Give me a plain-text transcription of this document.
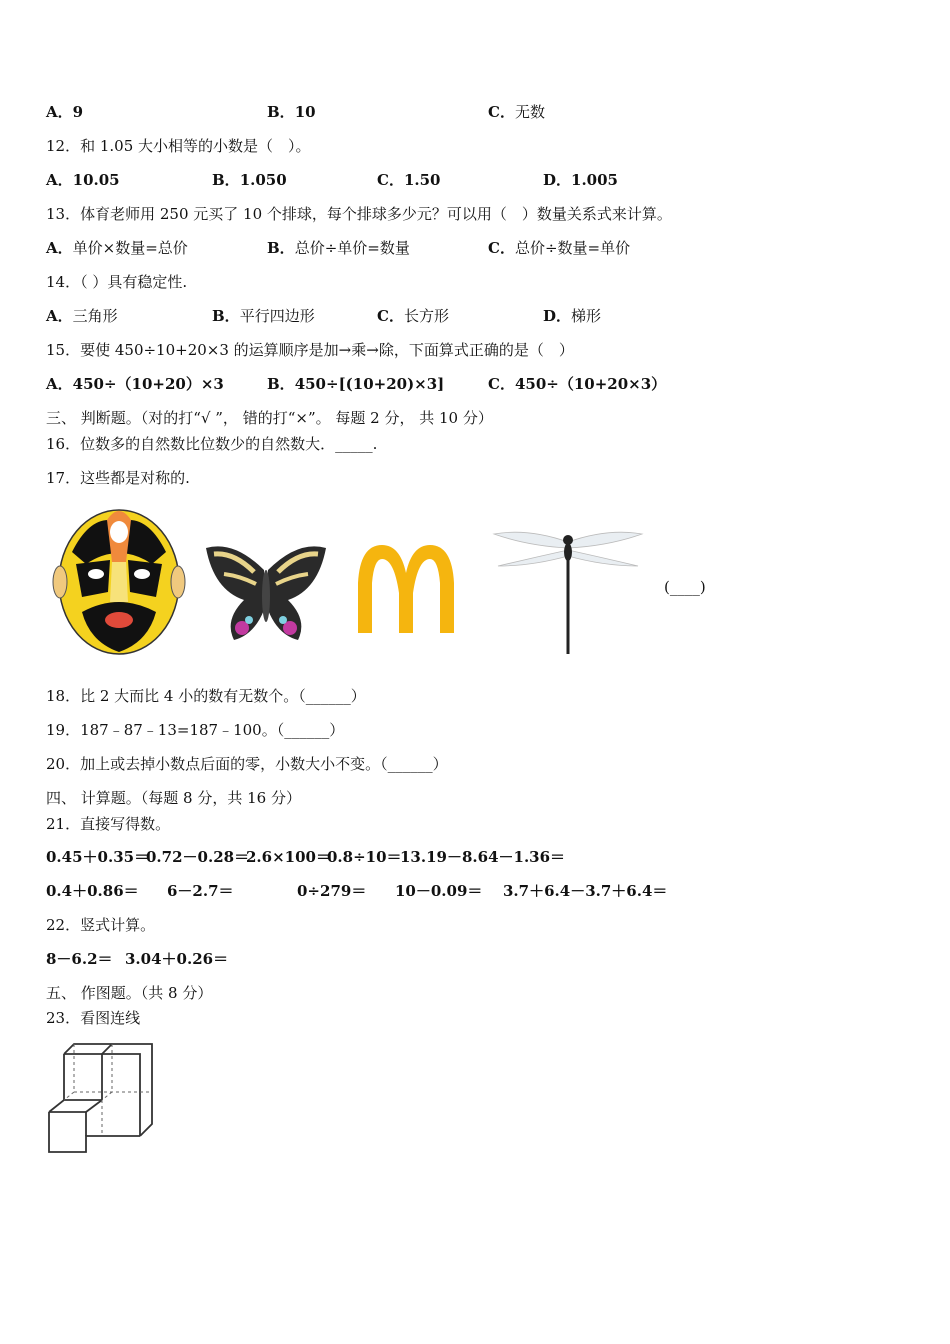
A．9	B．10	C．无数
12．和 1.05 大小相等的小数是（　）。
A．10.05	B．1.050	C．1.50	D．1.005
13．体育老师用 250 元买了 10 个排球，每个排球多少元？可以用（　）数量关系式来计算。
A．单价×数量=总价	B．总价÷单价=数量	C．总价÷数量=单价
14．（ ）具有稳定性.
A．三角形	B．平行四边形	C．长方形	D．梯形
15．要使 450÷10+20×3 的运算顺序是加→乘→除，下面算式正确的是（　）
A．450÷（10+20）×3	B．450÷[(10+20)×3]	C．450÷（10+20×3）
三、 判断题。（对的打“√ ”， 错的打“×”。 每题 2 分， 共 10 分）
16．位数多的自然数比位数少的自然数大．_____.
17．这些都是对称的.
(____)
18．比 2 大而比 4 小的数有无数个。（______）
19．187﹣87﹣13=187﹣100。（______）
20．加上或去掉小数点后面的零，小数大小不变。（______）
四、 计算题。（每题 8 分，共 16 分）
21．直接写得数。
0.45＋0.35＝
0.72－0.28＝
2.6×100＝
0.8÷10＝
13.19－8.64－1.36＝
0.4＋0.86＝ 6－2.7＝	0÷279＝ 10－0.09＝ 3.7＋6.4－3.7＋6.4＝
22．竖式计算。
8－6.2＝ 3.04＋0.26＝
五、 作图题。（共 8 分）
23．看图连线
